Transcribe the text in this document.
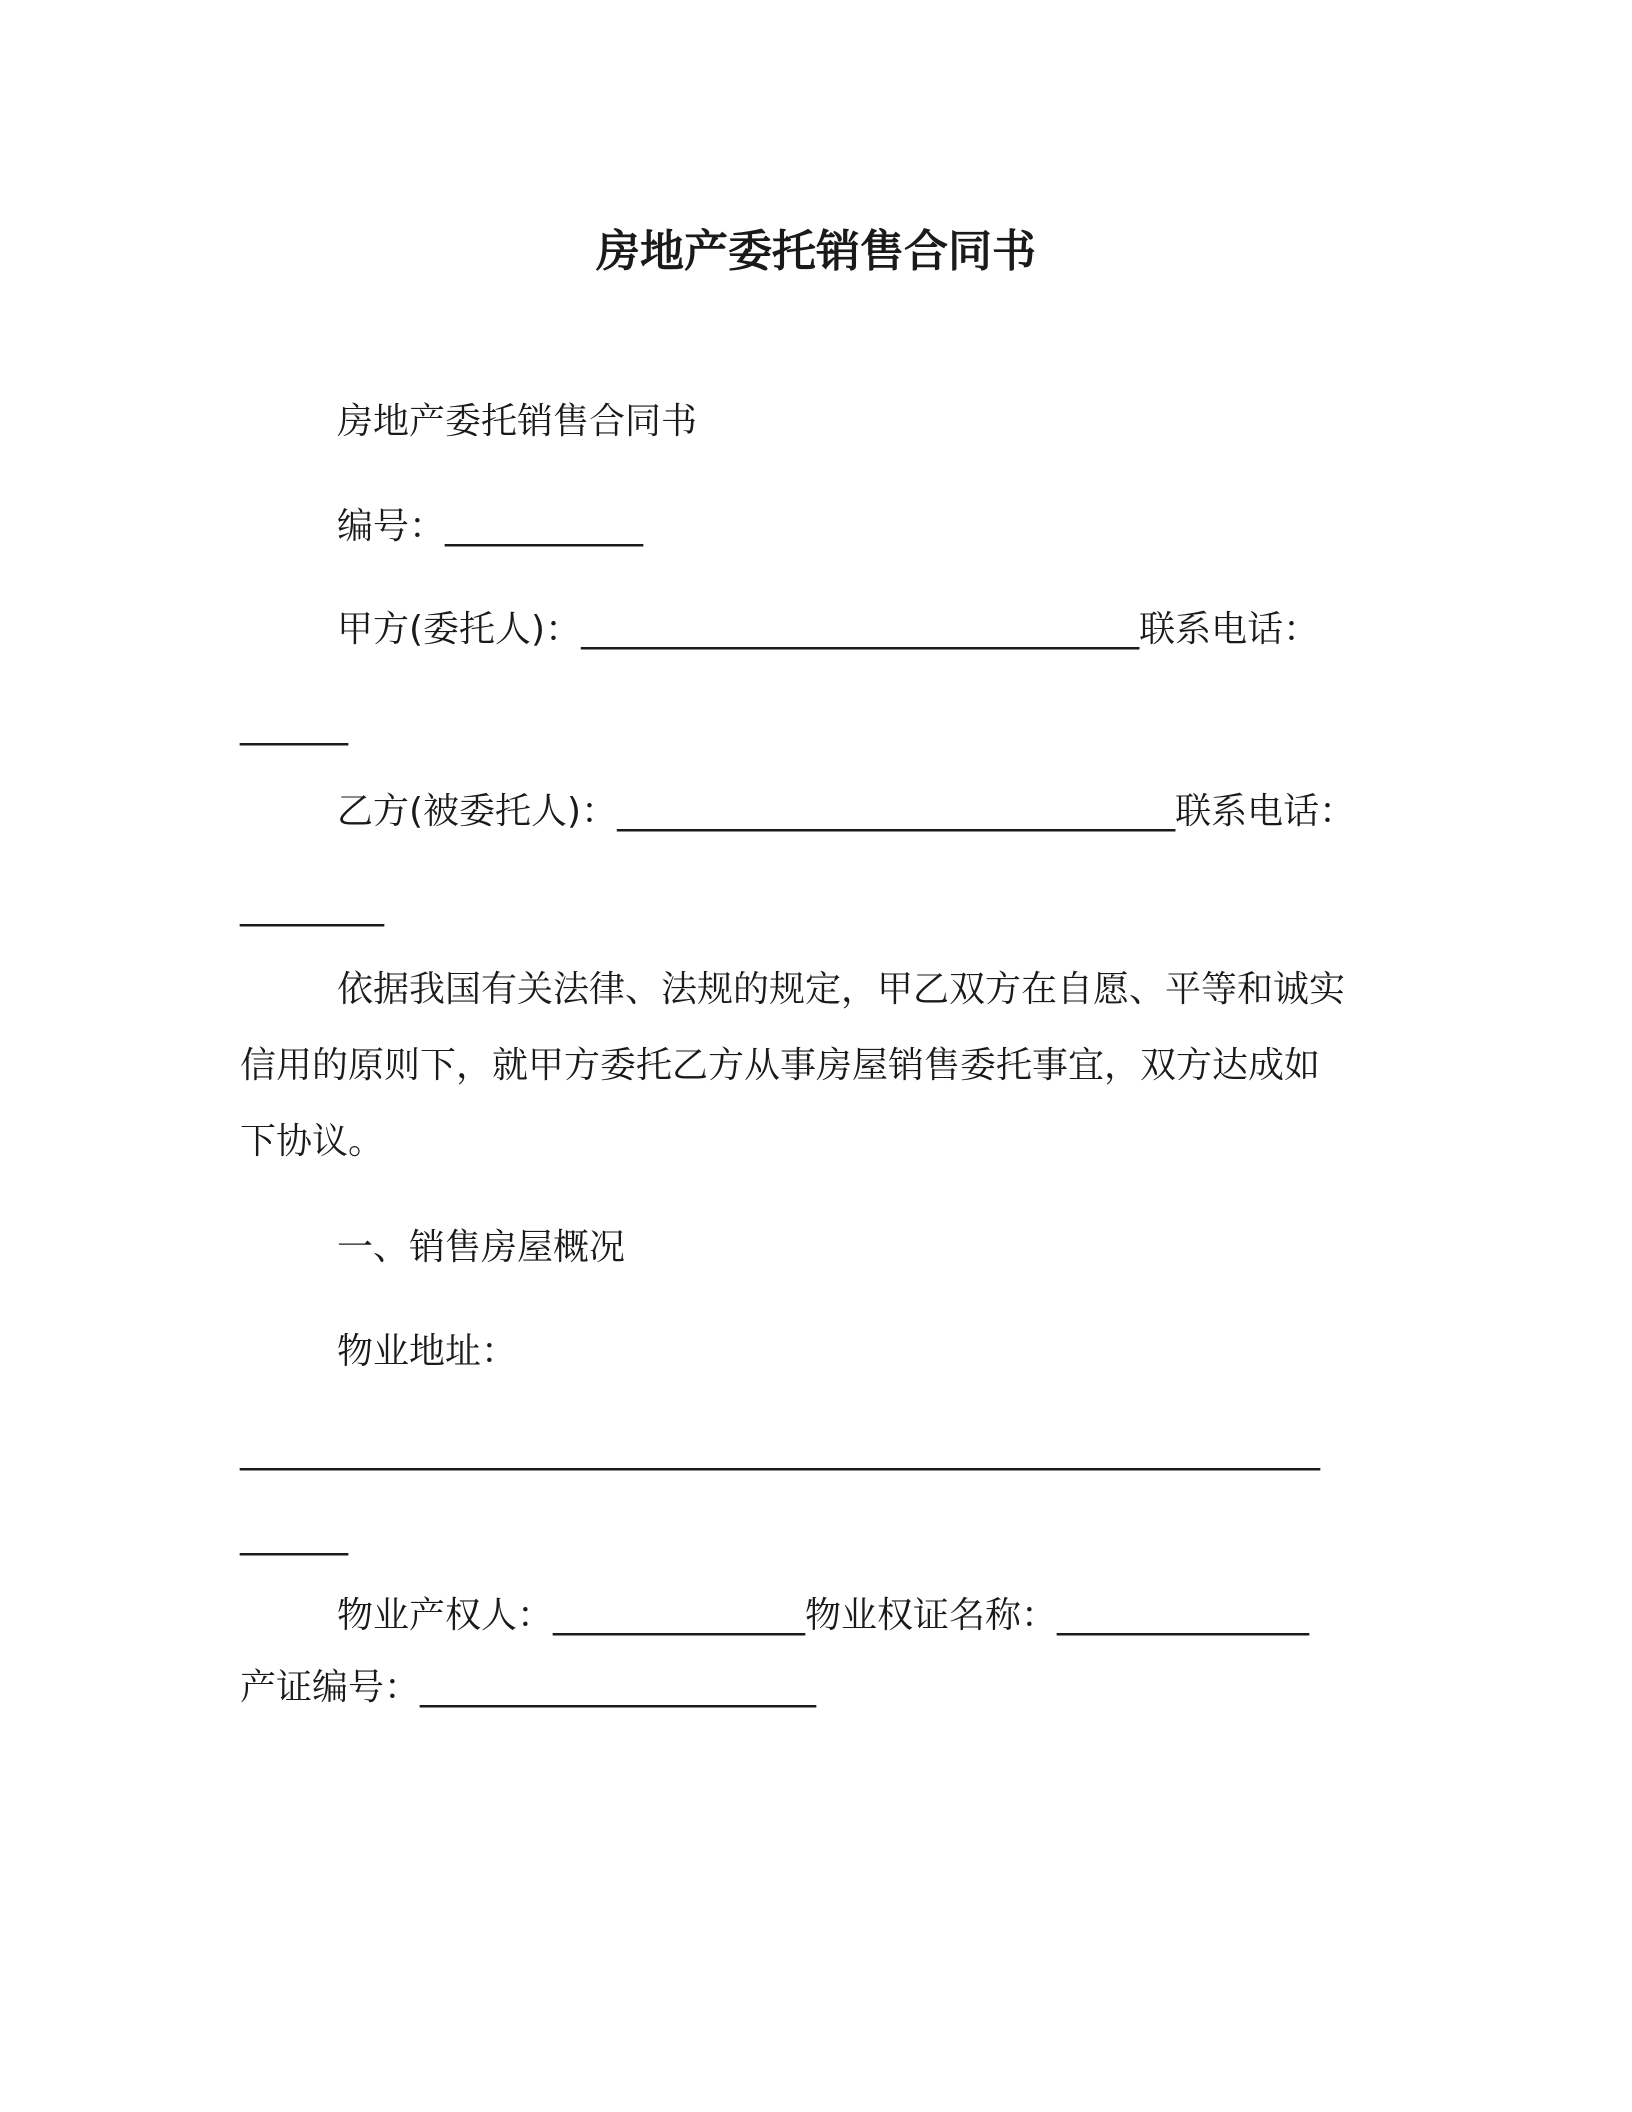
房地产委托销售合同书
房地产委托销售合同书
编号：___________
甲方(委托人)：_______________________________联系电话：
______
乙方(被委托人)：_______________________________联系电话：
________
依据我国有关法律、法规的规定，甲乙双方在自愿、平等和诚实
信用的原则下，就甲方委托乙方从事房屋销售委托事宜，双方达成如
下协议。
一、销售房屋概况
物业地址：
____________________________________________________________
______
物业产权人：______________物业权证名称：______________
产证编号：______________________
